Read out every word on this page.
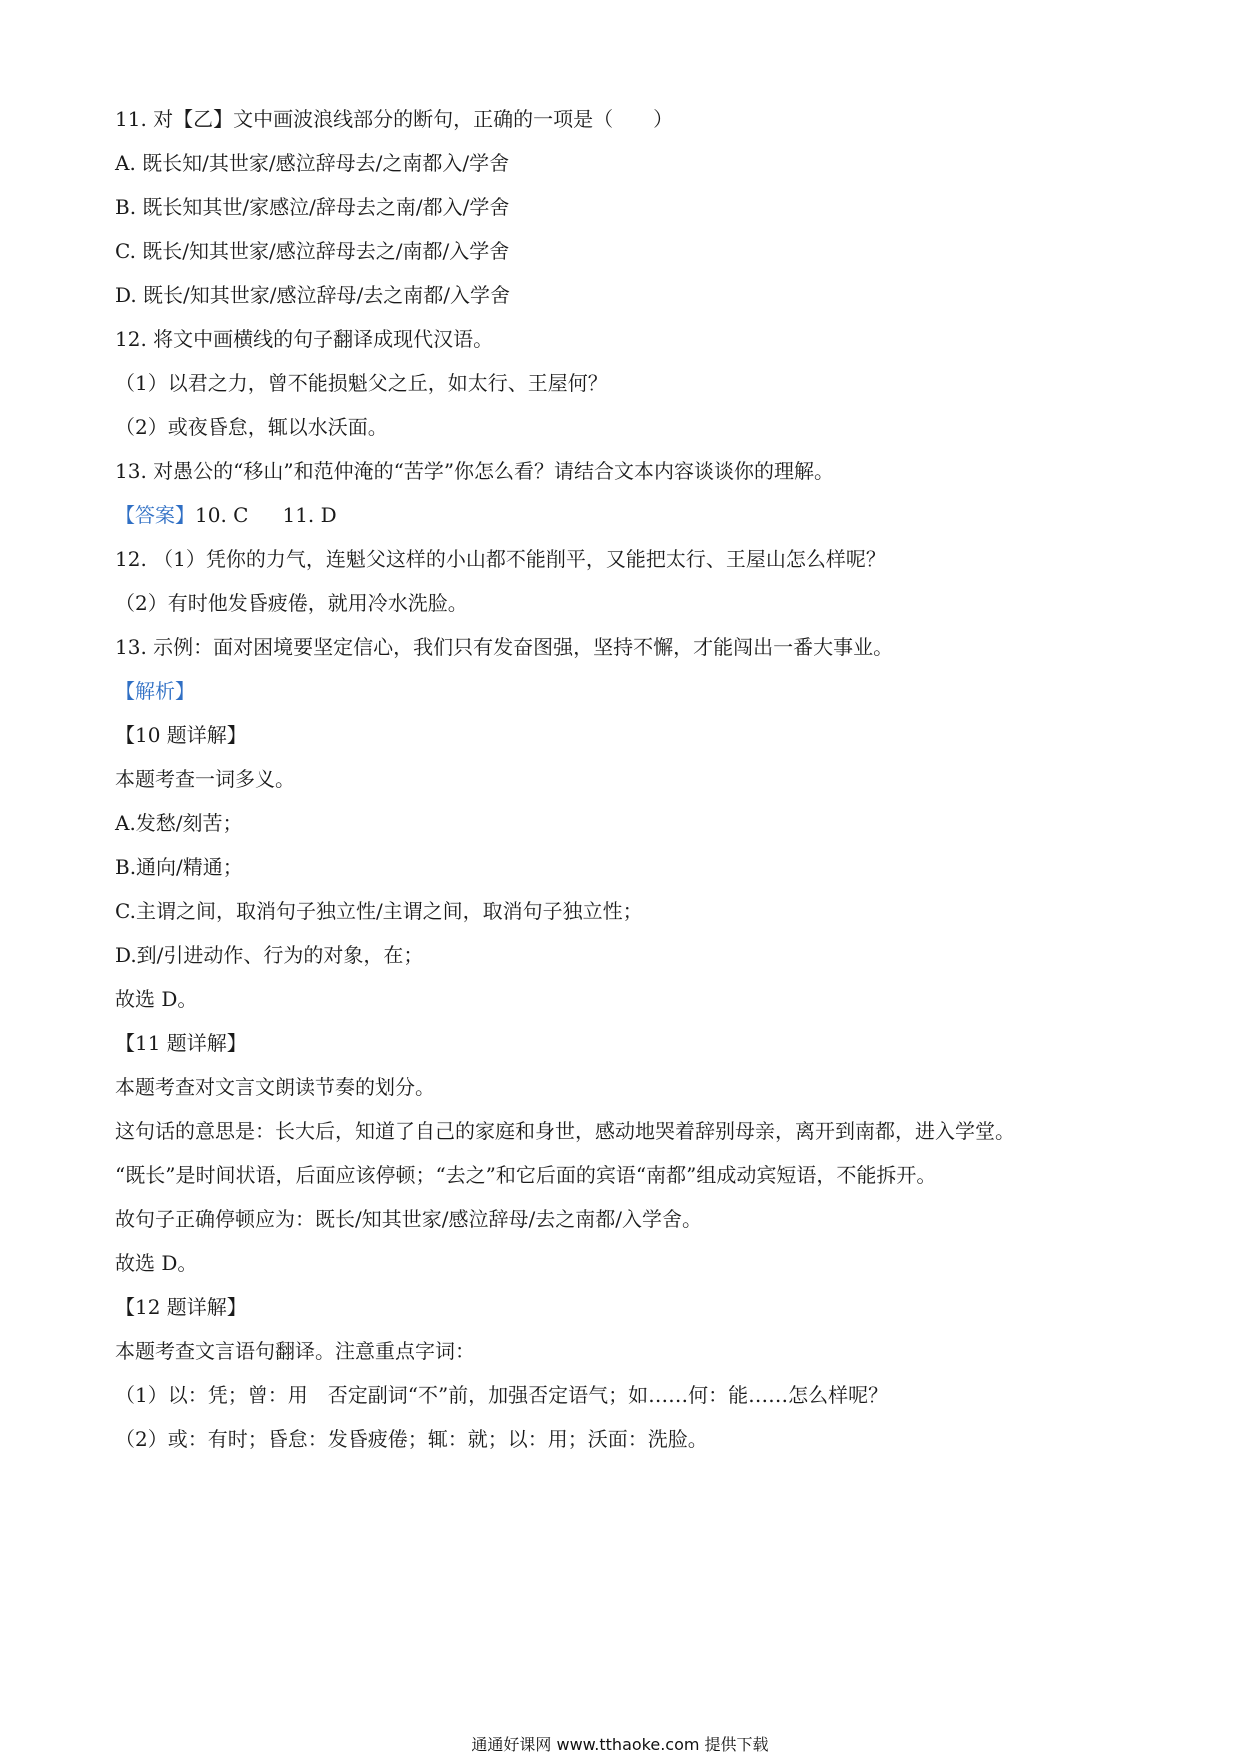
11. 对【乙】文中画波浪线部分的断句，正确的一项是（　　）
A. 既长知/其世家/感泣辞母去/之南都入/学舍
B. 既长知其世/家感泣/辞母去之南/都入/学舍
C. 既长/知其世家/感泣辞母去之/南都/入学舍
D. 既长/知其世家/感泣辞母/去之南都/入学舍
12. 将文中画横线的句子翻译成现代汉语。
（1）以君之力，曾不能损魁父之丘，如太行、王屋何？
（2）或夜昏怠，辄以水沃面。
13. 对愚公的“移山”和范仲淹的“苦学”你怎么看？请结合文本内容谈谈你的理解。
【答案】10. C 11. D
12. （1）凭你的力气，连魁父这样的小山都不能削平，又能把太行、王屋山怎么样呢？
（2）有时他发昏疲倦，就用冷水洗脸。
13. 示例：面对困境要坚定信心，我们只有发奋图强，坚持不懈，才能闯出一番大事业。
【解析】
【10 题详解】
本题考查一词多义。
A.发愁/刻苦；
B.通向/精通；
C.主谓之间，取消句子独立性/主谓之间，取消句子独立性；
D.到/引进动作、行为的对象，在；
故选 D。
【11 题详解】
本题考查对文言文朗读节奏的划分。
这句话的意思是：长大后，知道了自己的家庭和身世，感动地哭着辞别母亲，离开到南都，进入学堂。
“既长”是时间状语，后面应该停顿；“去之”和它后面的宾语“南都”组成动宾短语，不能拆开。
故句子正确停顿应为：既长/知其世家/感泣辞母/去之南都/入学舍。
故选 D。
【12 题详解】
本题考查文言语句翻译。注意重点字词：
（1）以：凭；曾：用　否定副词“不”前，加强否定语气；如……何：能……怎么样呢？
（2）或：有时；昏怠：发昏疲倦；辄：就；以：用；沃面：洗脸。
通通好课网 www.tthaoke.com 提供下载
